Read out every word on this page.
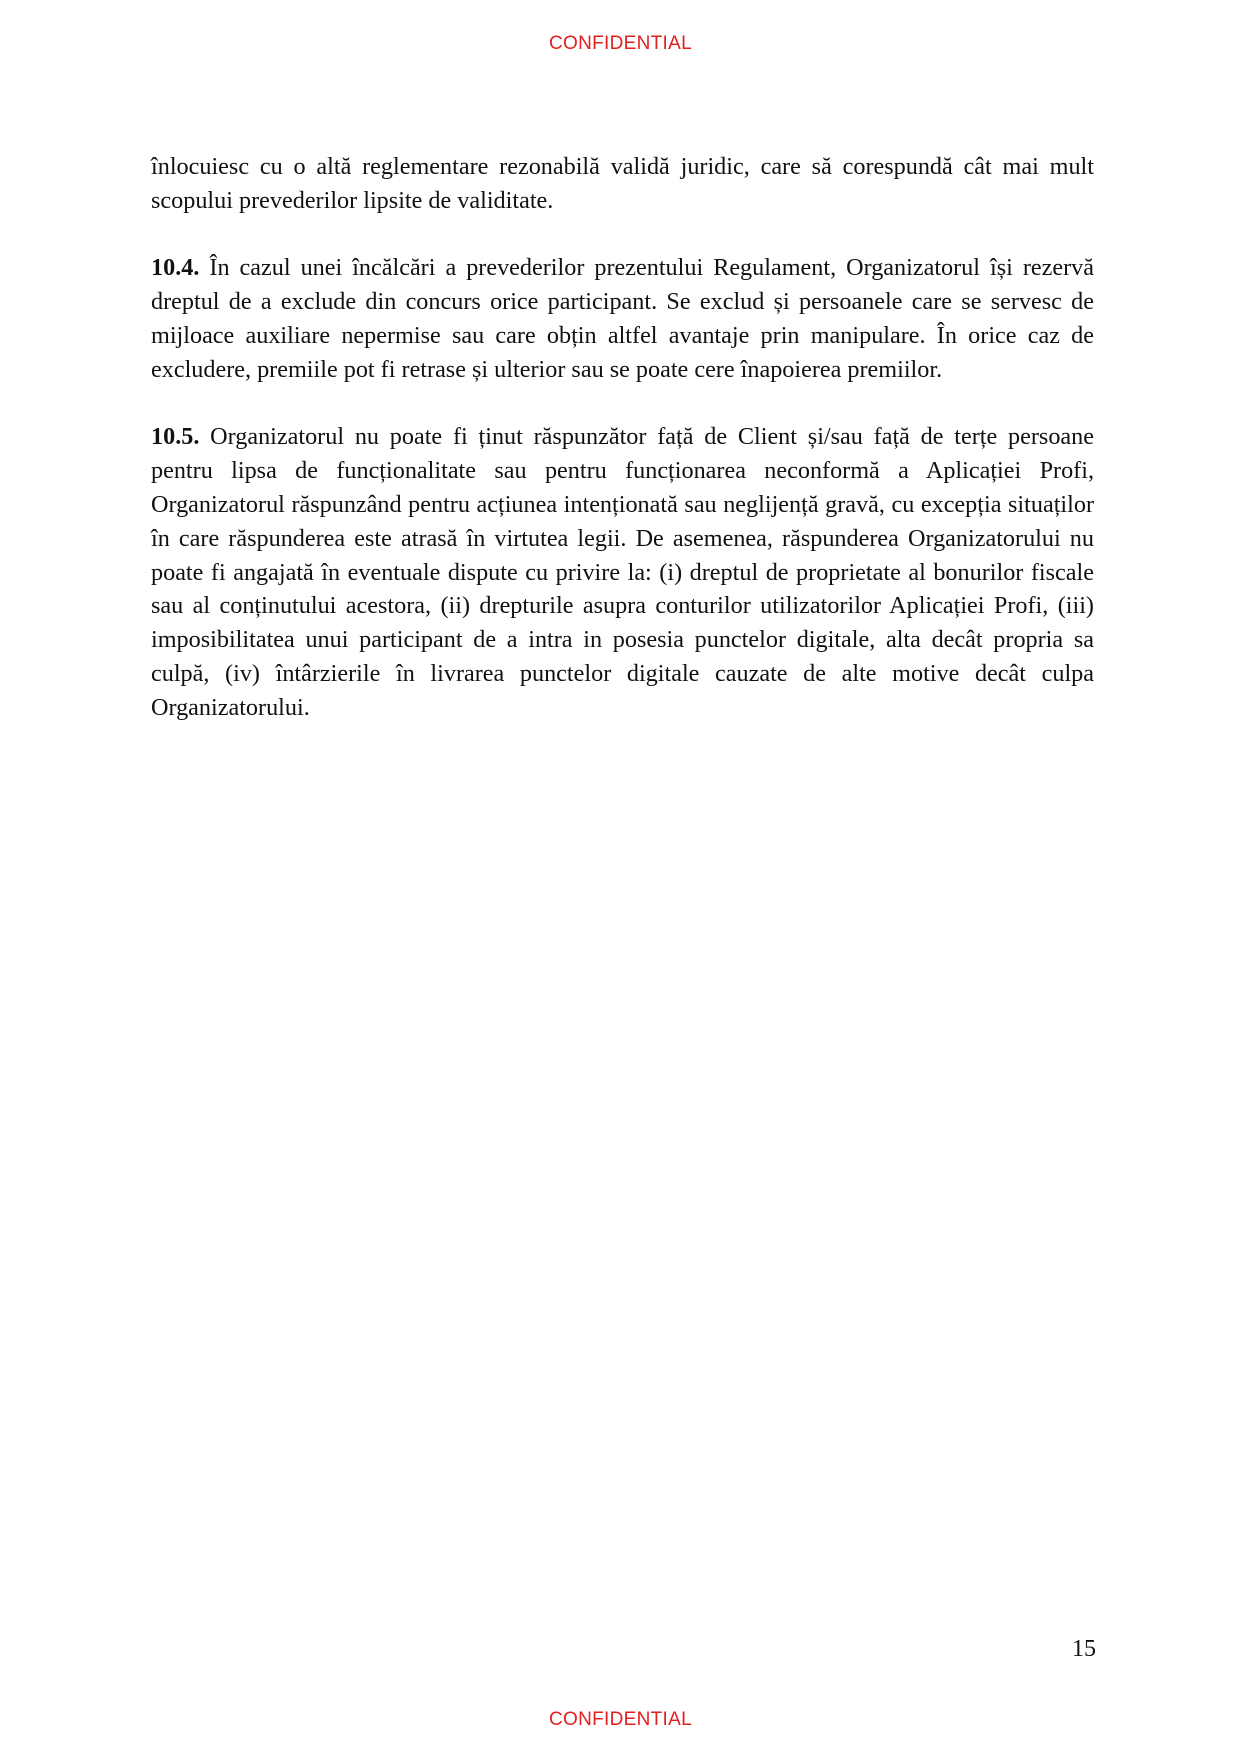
CONFIDENTIAL

înlocuiesc cu o altă reglementare rezonabilă validă juridic, care să corespundă cât mai mult scopului prevederilor lipsite de validitate.

10.4. În cazul unei încălcări a prevederilor prezentului Regulament, Organizatorul își rezervă dreptul de a exclude din concurs orice participant. Se exclud și persoanele care se servesc de mijloace auxiliare nepermise sau care obțin altfel avantaje prin manipulare. În orice caz de excludere, premiile pot fi retrase și ulterior sau se poate cere înapoierea premiilor.

10.5. Organizatorul nu poate fi ținut răspunzător față de Client și/sau față de terțe persoane pentru lipsa de funcționalitate sau pentru funcționarea neconformă a Aplicației Profi, Organizatorul răspunzând pentru acțiunea intenționată sau neglijență gravă, cu excepția situaților în care răspunderea este atrasă în virtutea legii. De asemenea, răspunderea Organizatorului nu poate fi angajată în eventuale dispute cu privire la: (i) dreptul de proprietate al bonurilor fiscale sau al conținutului acestora, (ii) drepturile asupra conturilor utilizatorilor Aplicației Profi, (iii) imposibilitatea unui participant de a intra in posesia punctelor digitale, alta decât propria sa culpă, (iv) întârzierile în livrarea punctelor digitale cauzate de alte motive decât culpa Organizatorului.

15
CONFIDENTIAL
